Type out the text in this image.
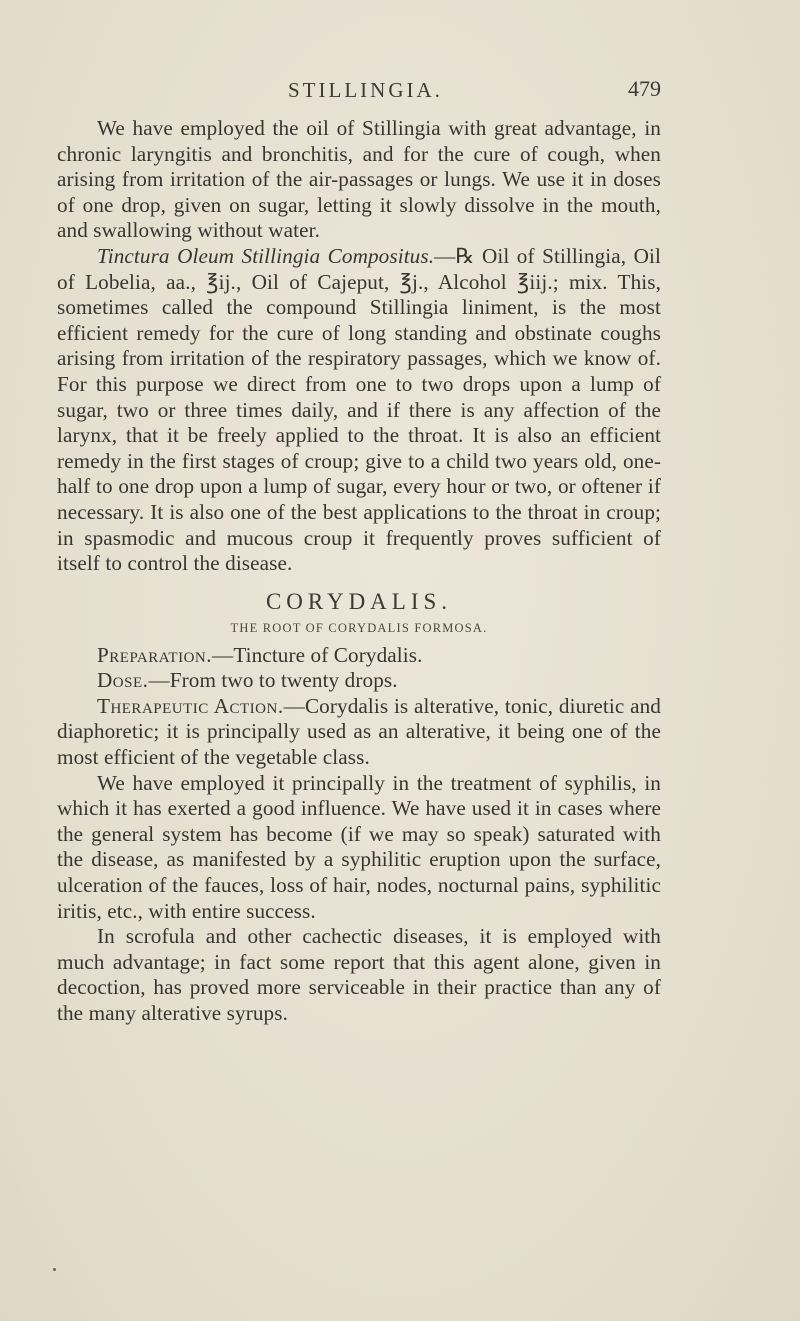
STILLINGIA.	479

We have employed the oil of Stillingia with great advantage, in chronic laryngitis and bronchitis, and for the cure of cough, when arising from irritation of the air-passages or lungs. We use it in doses of one drop, given on sugar, letting it slowly dissolve in the mouth, and swallowing without water.

Tinctura Oleum Stillingia Compositus.—℞ Oil of Stillingia, Oil of Lobelia, aa., ℥ij., Oil of Cajeput, ℥j., Alcohol ℥iij.; mix. This, sometimes called the compound Stillingia liniment, is the most efficient remedy for the cure of long standing and obstinate coughs arising from irritation of the respiratory passages, which we know of. For this purpose we direct from one to two drops upon a lump of sugar, two or three times daily, and if there is any affection of the larynx, that it be freely applied to the throat. It is also an efficient remedy in the first stages of croup; give to a child two years old, one-half to one drop upon a lump of sugar, every hour or two, or oftener if necessary. It is also one of the best applications to the throat in croup; in spasmodic and mucous croup it frequently proves sufficient of itself to control the disease.

CORYDALIS.
THE ROOT OF CORYDALIS FORMOSA.

Preparation.—Tincture of Corydalis.

Dose.—From two to twenty drops.

Therapeutic Action.—Corydalis is alterative, tonic, diuretic and diaphoretic; it is principally used as an alterative, it being one of the most efficient of the vegetable class.

We have employed it principally in the treatment of syphilis, in which it has exerted a good influence. We have used it in cases where the general system has become (if we may so speak) saturated with the disease, as manifested by a syphilitic eruption upon the surface, ulceration of the fauces, loss of hair, nodes, nocturnal pains, syphilitic iritis, etc., with entire success.

In scrofula and other cachectic diseases, it is employed with much advantage; in fact some report that this agent alone, given in decoction, has proved more serviceable in their practice than any of the many alterative syrups.
